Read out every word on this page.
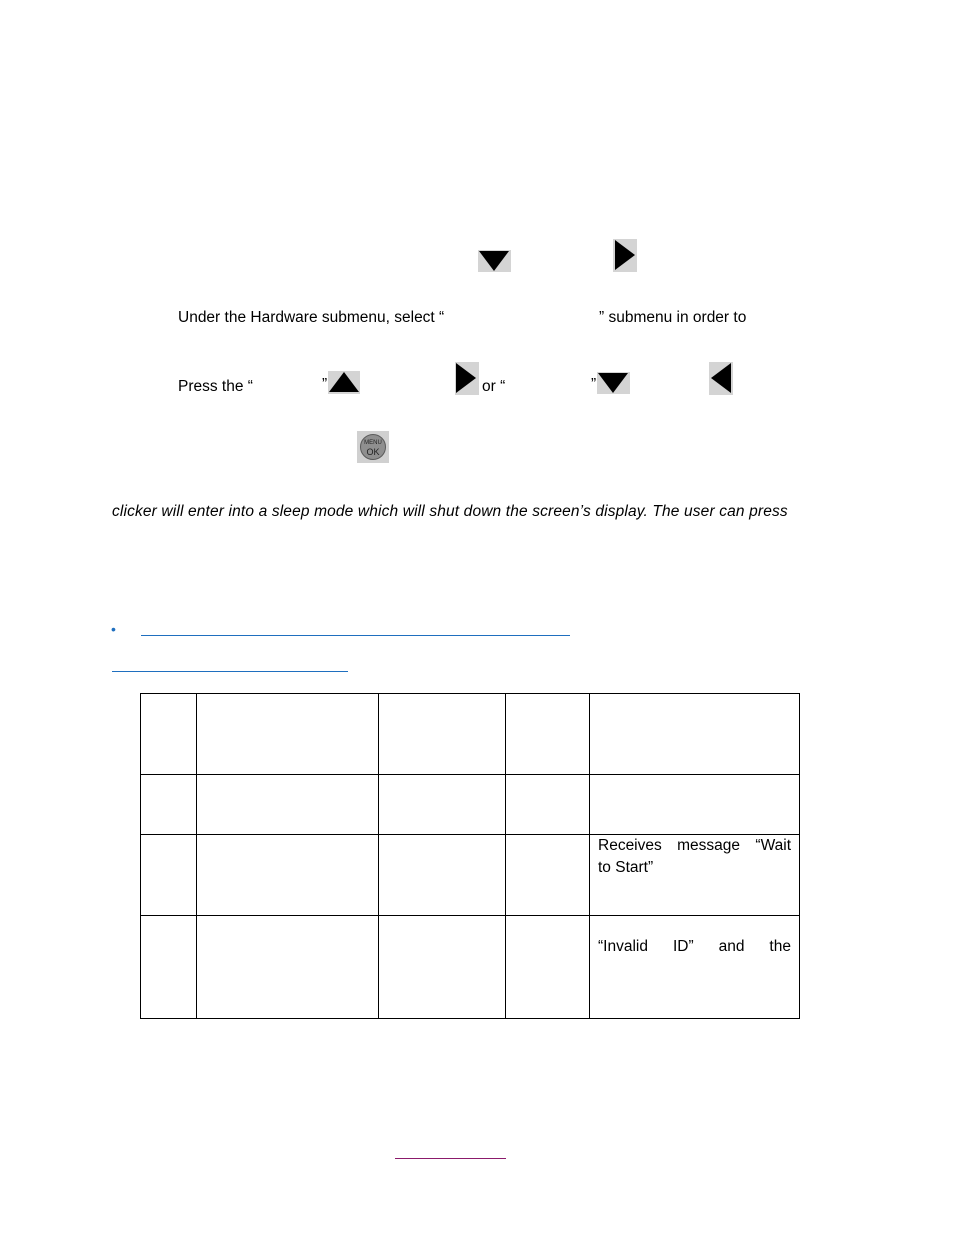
Under the Hardware submenu, select “	” submenu in order to
Press the “	”	or “	”
MENU
OK
clicker will enter into a sleep mode which will shut down the screen’s display. The user can press
•

				Receives message “Wait
to Start”

				“Invalid ID” and the
